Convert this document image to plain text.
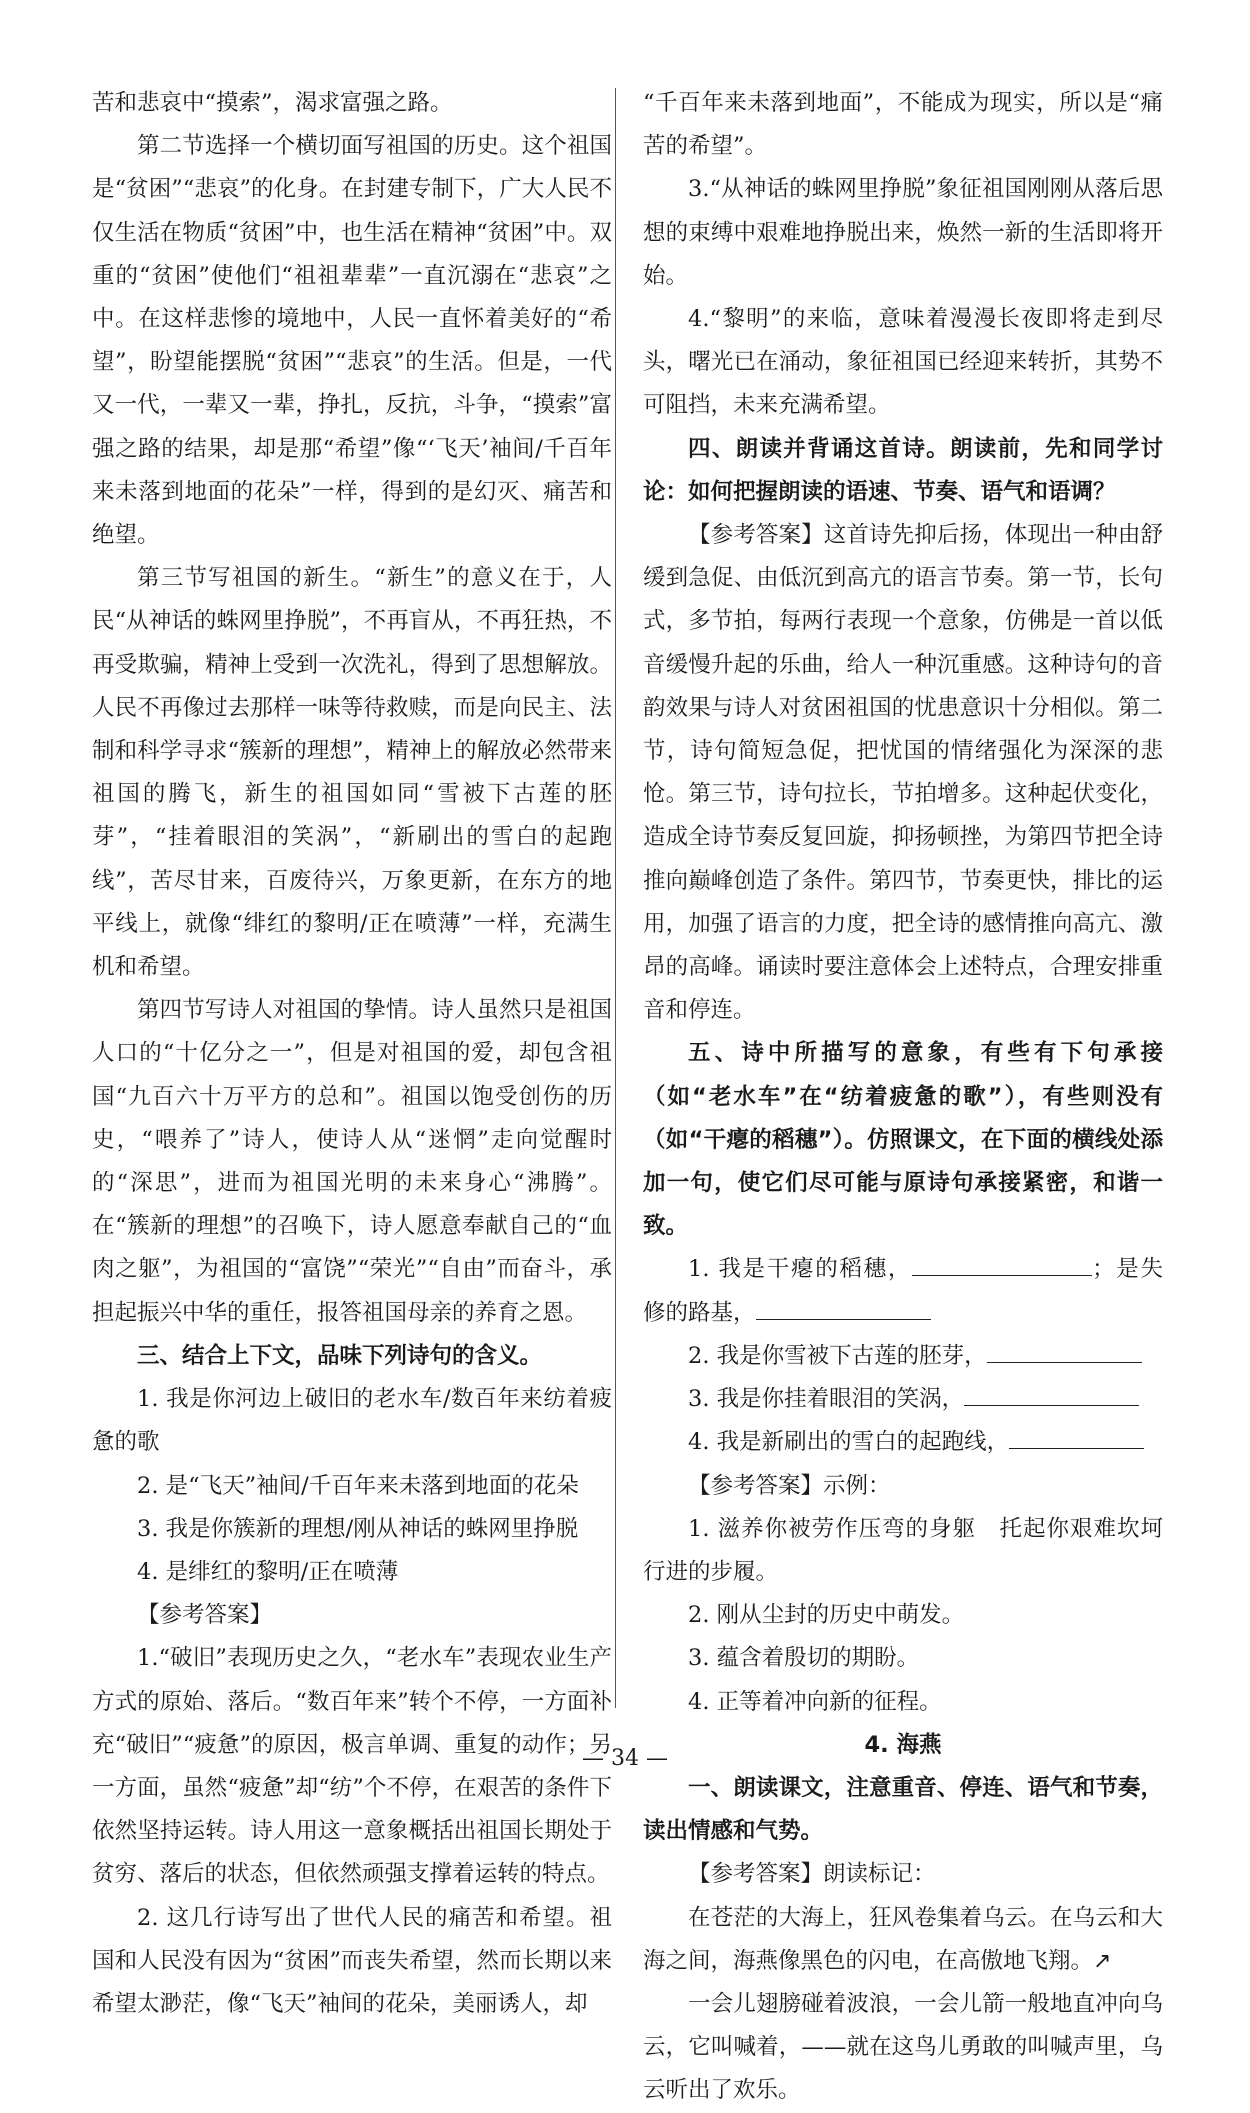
苦和悲哀中“摸索”，渴求富强之路。

第二节选择一个横切面写祖国的历史。这个祖国是“贫困”“悲哀”的化身。在封建专制下，广大人民不仅生活在物质“贫困”中，也生活在精神“贫困”中。双重的“贫困”使他们“祖祖辈辈”一直沉溺在“悲哀”之中。在这样悲惨的境地中，人民一直怀着美好的“希望”，盼望能摆脱“贫困”“悲哀”的生活。但是，一代又一代，一辈又一辈，挣扎，反抗，斗争，“摸索”富强之路的结果，却是那“希望”像“‘飞天’袖间/千百年来未落到地面的花朵”一样，得到的是幻灭、痛苦和绝望。

第三节写祖国的新生。“新生”的意义在于，人民“从神话的蛛网里挣脱”，不再盲从，不再狂热，不再受欺骗，精神上受到一次洗礼，得到了思想解放。人民不再像过去那样一味等待救赎，而是向民主、法制和科学寻求“簇新的理想”，精神上的解放必然带来祖国的腾飞，新生的祖国如同“雪被下古莲的胚芽”，“挂着眼泪的笑涡”，“新刷出的雪白的起跑线”，苦尽甘来，百废待兴，万象更新，在东方的地平线上，就像“绯红的黎明/正在喷薄”一样，充满生机和希望。

第四节写诗人对祖国的挚情。诗人虽然只是祖国人口的“十亿分之一”，但是对祖国的爱，却包含祖国“九百六十万平方的总和”。祖国以饱受创伤的历史，“喂养了”诗人，使诗人从“迷惘”走向觉醒时的“深思”，进而为祖国光明的未来身心“沸腾”。在“簇新的理想”的召唤下，诗人愿意奉献自己的“血肉之躯”，为祖国的“富饶”“荣光”“自由”而奋斗，承担起振兴中华的重任，报答祖国母亲的养育之恩。

三、结合上下文，品味下列诗句的含义。

1. 我是你河边上破旧的老水车/数百年来纺着疲惫的歌

2. 是“飞天”袖间/千百年来未落到地面的花朵

3. 我是你簇新的理想/刚从神话的蛛网里挣脱

4. 是绯红的黎明/正在喷薄

【参考答案】

1.“破旧”表现历史之久，“老水车”表现农业生产方式的原始、落后。“数百年来”转个不停，一方面补充“破旧”“疲惫”的原因，极言单调、重复的动作；另一方面，虽然“疲惫”却“纺”个不停，在艰苦的条件下依然坚持运转。诗人用这一意象概括出祖国长期处于贫穷、落后的状态，但依然顽强支撑着运转的特点。

2. 这几行诗写出了世代人民的痛苦和希望。祖国和人民没有因为“贫困”而丧失希望，然而长期以来希望太渺茫，像“飞天”袖间的花朵，美丽诱人，却

“千百年来未落到地面”，不能成为现实，所以是“痛苦的希望”。

3.“从神话的蛛网里挣脱”象征祖国刚刚从落后思想的束缚中艰难地挣脱出来，焕然一新的生活即将开始。

4.“黎明”的来临，意味着漫漫长夜即将走到尽头，曙光已在涌动，象征祖国已经迎来转折，其势不可阻挡，未来充满希望。

四、朗读并背诵这首诗。朗读前，先和同学讨论：如何把握朗读的语速、节奏、语气和语调？

【参考答案】这首诗先抑后扬，体现出一种由舒缓到急促、由低沉到高亢的语言节奏。第一节，长句式，多节拍，每两行表现一个意象，仿佛是一首以低音缓慢升起的乐曲，给人一种沉重感。这种诗句的音韵效果与诗人对贫困祖国的忧患意识十分相似。第二节，诗句简短急促，把忧国的情绪强化为深深的悲怆。第三节，诗句拉长，节拍增多。这种起伏变化，造成全诗节奏反复回旋，抑扬顿挫，为第四节把全诗推向巅峰创造了条件。第四节，节奏更快，排比的运用，加强了语言的力度，把全诗的感情推向高亢、激昂的高峰。诵读时要注意体会上述特点，合理安排重音和停连。

五、诗中所描写的意象，有些有下句承接（如“老水车”在“纺着疲惫的歌”），有些则没有（如“干瘪的稻穗”）。仿照课文，在下面的横线处添加一句，使它们尽可能与原诗句承接紧密，和谐一致。

1. 我是干瘪的稻穗，	；是失修的路基，

2. 我是你雪被下古莲的胚芽，

3. 我是你挂着眼泪的笑涡，

4. 我是新刷出的雪白的起跑线，

【参考答案】示例：

1. 滋养你被劳作压弯的身躯　托起你艰难坎坷行进的步履。

2. 刚从尘封的历史中萌发。

3. 蕴含着殷切的期盼。

4. 正等着冲向新的征程。

4. 海燕

一、朗读课文，注意重音、停连、语气和节奏，读出情感和气势。

【参考答案】朗读标记：

在苍茫的大海上，狂风卷集着乌云。在乌云和大海之间，海燕像黑色的闪电，在高傲地飞翔。↗

一会儿翅膀碰着波浪，一会儿箭一般地直冲向乌云，它叫喊着，——就在这鸟儿勇敢的叫喊声里，乌云听出了欢乐。

— 34 —
